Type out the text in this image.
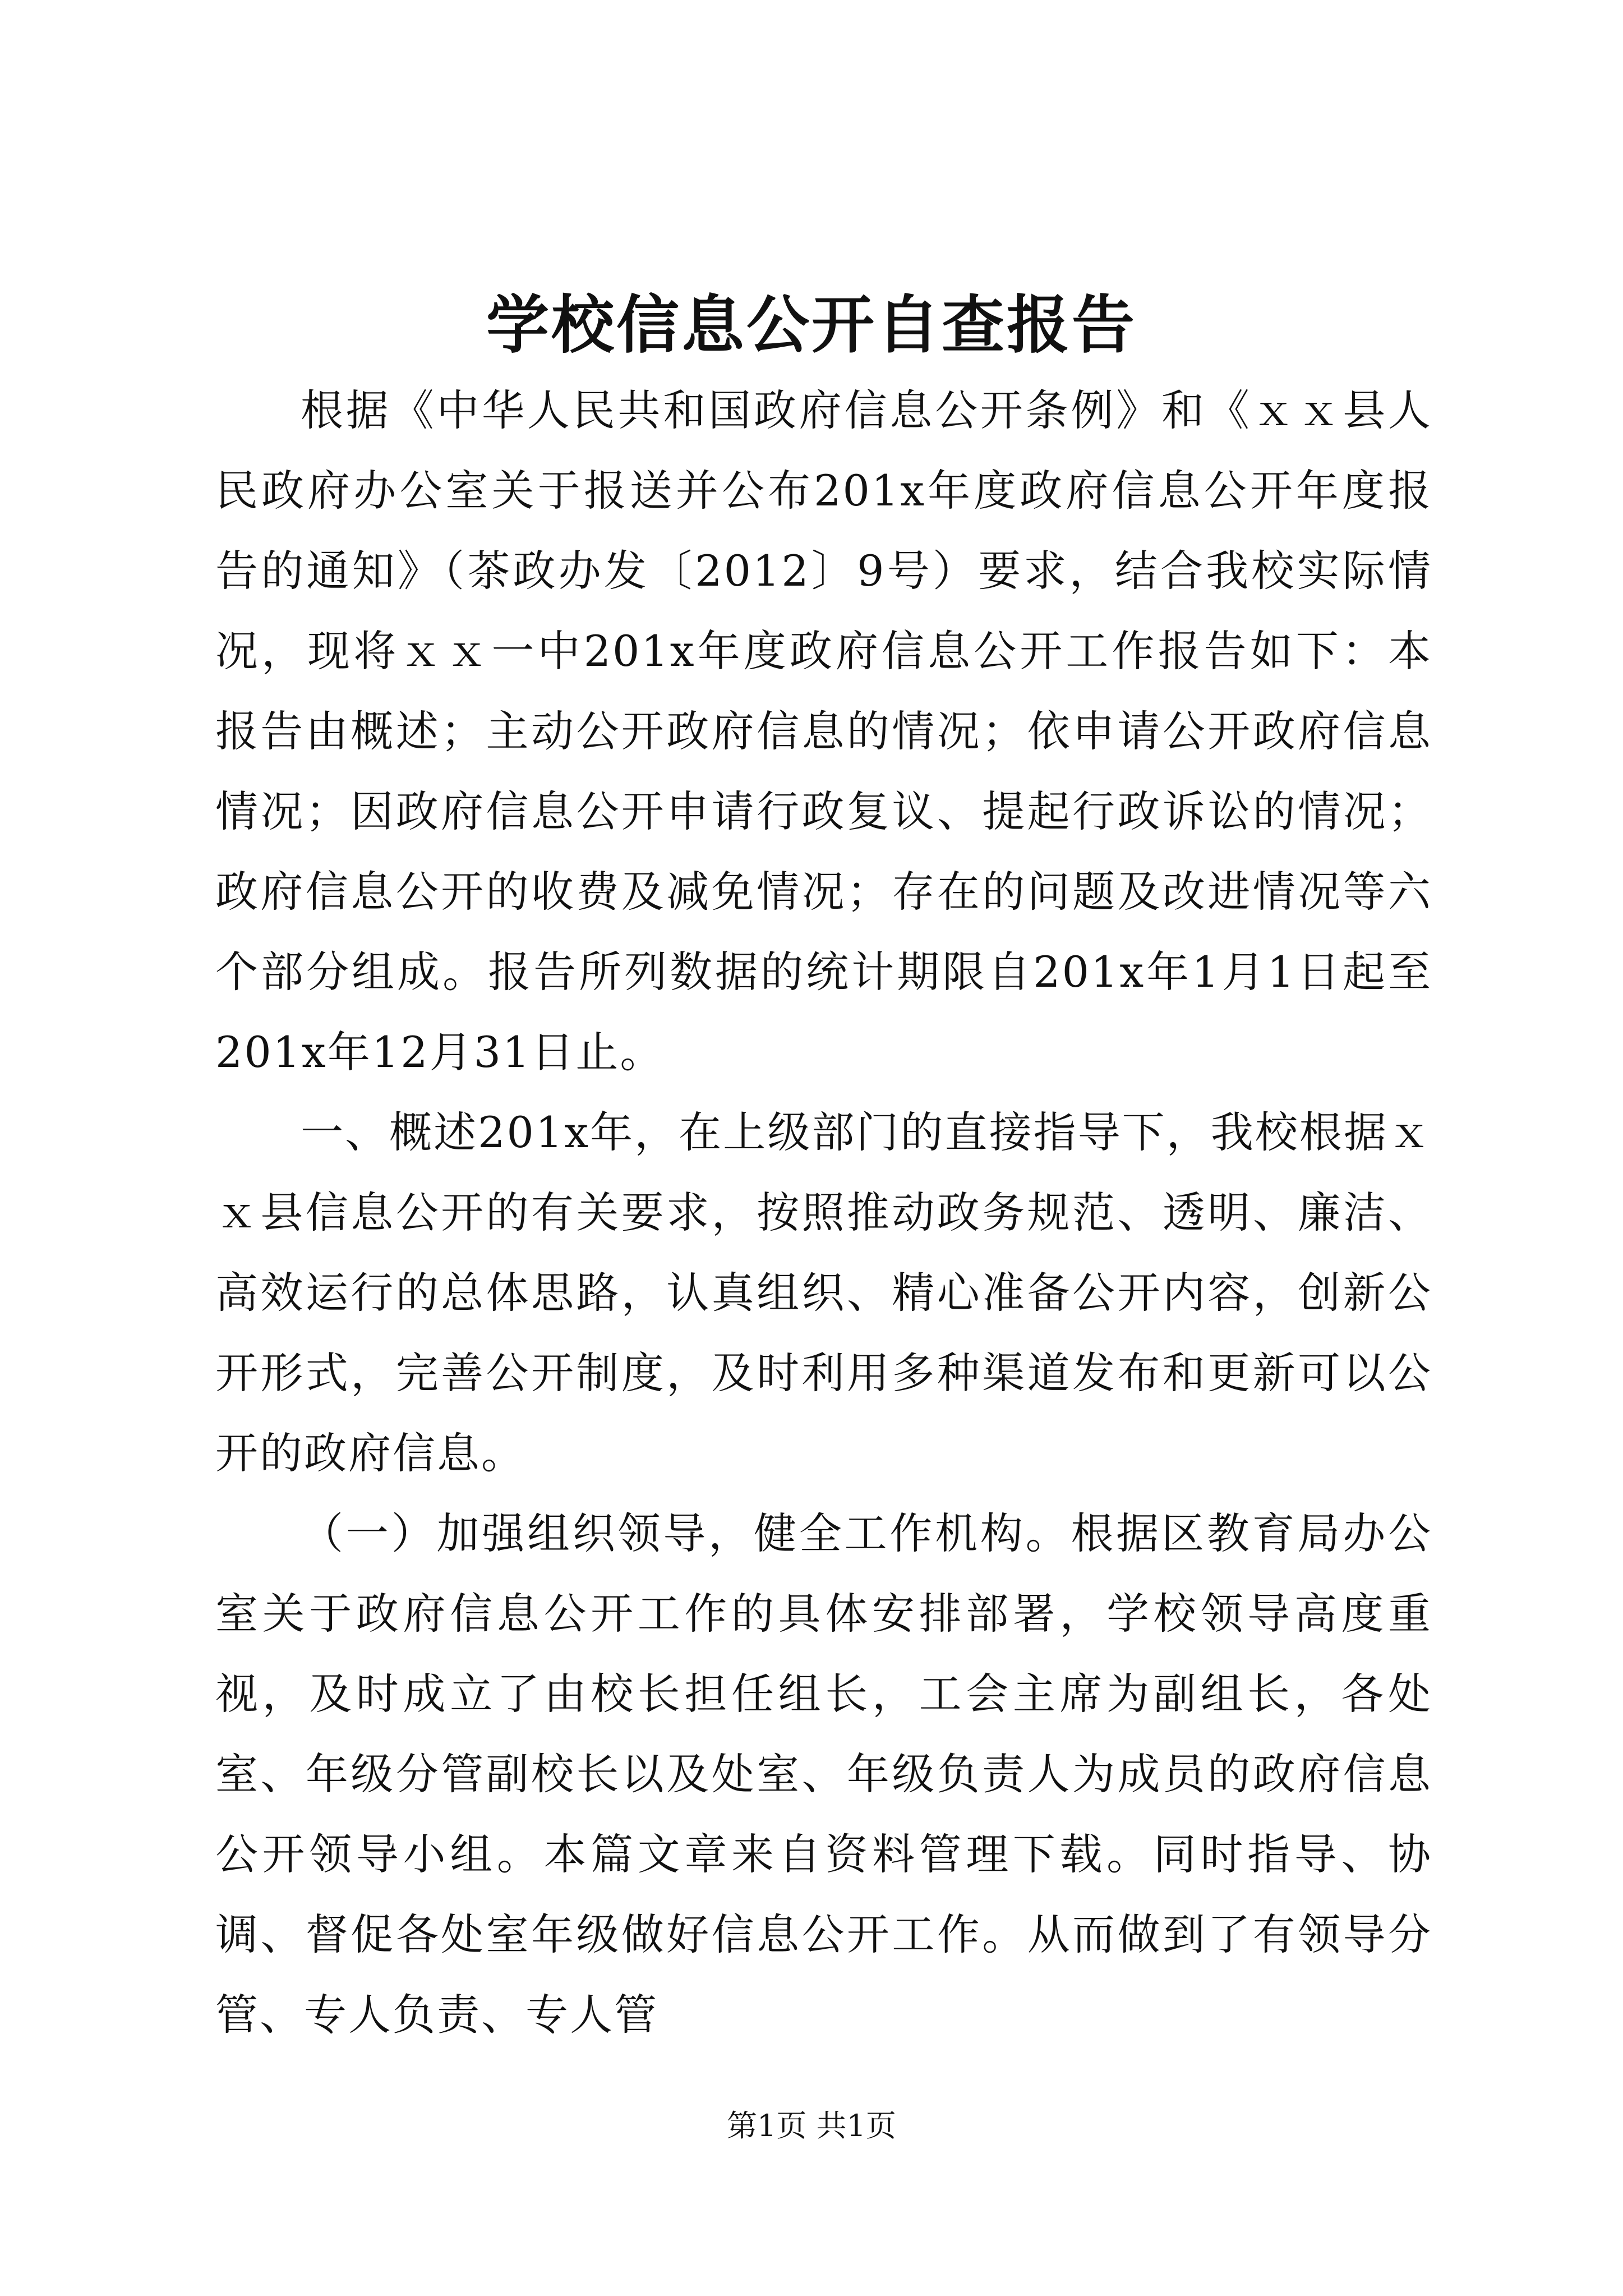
学校信息公开自查报告

根据《中华人民共和国政府信息公开条例》和《ｘｘ县人民政府办公室关于报送并公布201x年度政府信息公开年度报告的通知》（茶政办发〔2012〕9号）要求，结合我校实际情况，现将ｘｘ一中201x年度政府信息公开工作报告如下：本报告由概述；主动公开政府信息的情况；依申请公开政府信息情况；因政府信息公开申请行政复议、提起行政诉讼的情况；政府信息公开的收费及减免情况；存在的问题及改进情况等六个部分组成。报告所列数据的统计期限自201x年1月1日起至201x年12月31日止。

一、概述201x年，在上级部门的直接指导下，我校根据ｘｘ县信息公开的有关要求，按照推动政务规范、透明、廉洁、高效运行的总体思路，认真组织、精心准备公开内容，创新公开形式，完善公开制度，及时利用多种渠道发布和更新可以公开的政府信息。

（一）加强组织领导，健全工作机构。根据区教育局办公室关于政府信息公开工作的具体安排部署，学校领导高度重视，及时成立了由校长担任组长，工会主席为副组长，各处室、年级分管副校长以及处室、年级负责人为成员的政府信息公开领导小组。本篇文章来自资料管理下载。同时指导、协调、督促各处室年级做好信息公开工作。从而做到了有领导分管、专人负责、专人管

第1页 共1页
